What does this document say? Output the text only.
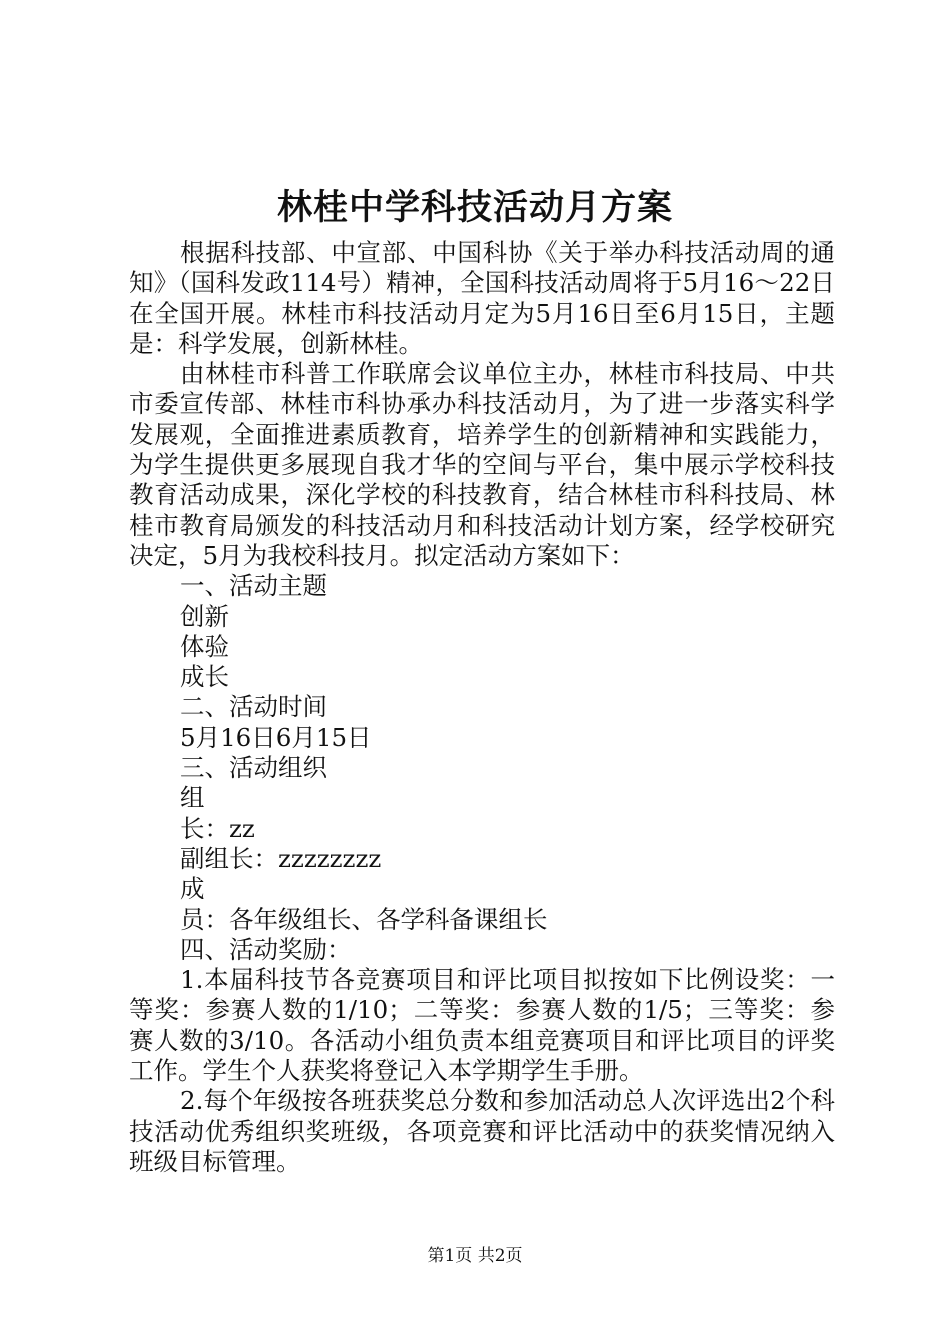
林桂中学科技活动月方案

根据科技部、中宣部、中国科协《关于举办科技活动周的通知》（国科发政114号）精神，全国科技活动周将于5月16～22日在全国开展。林桂市科技活动月定为5月16日至6月15日，主题是：科学发展，创新林桂。

由林桂市科普工作联席会议单位主办，林桂市科技局、中共市委宣传部、林桂市科协承办科技活动月，为了进一步落实科学发展观，全面推进素质教育，培养学生的创新精神和实践能力，为学生提供更多展现自我才华的空间与平台，集中展示学校科技教育活动成果，深化学校的科技教育，结合林桂市科科技局、林桂市教育局颁发的科技活动月和科技活动计划方案，经学校研究决定，5月为我校科技月。拟定活动方案如下：

一、活动主题

创新

体验

成长

二、活动时间

5月16日6月15日

三、活动组织

组

长：zz

副组长：zzzzzzzz

成

员：各年级组长、各学科备课组长

四、活动奖励：

1.本届科技节各竞赛项目和评比项目拟按如下比例设奖：一等奖：参赛人数的1/10；二等奖：参赛人数的1/5；三等奖：参赛人数的3/10。各活动小组负责本组竞赛项目和评比项目的评奖工作。学生个人获奖将登记入本学期学生手册。

2.每个年级按各班获奖总分数和参加活动总人次评选出2个科技活动优秀组织奖班级，各项竞赛和评比活动中的获奖情况纳入班级目标管理。

第1页 共2页
